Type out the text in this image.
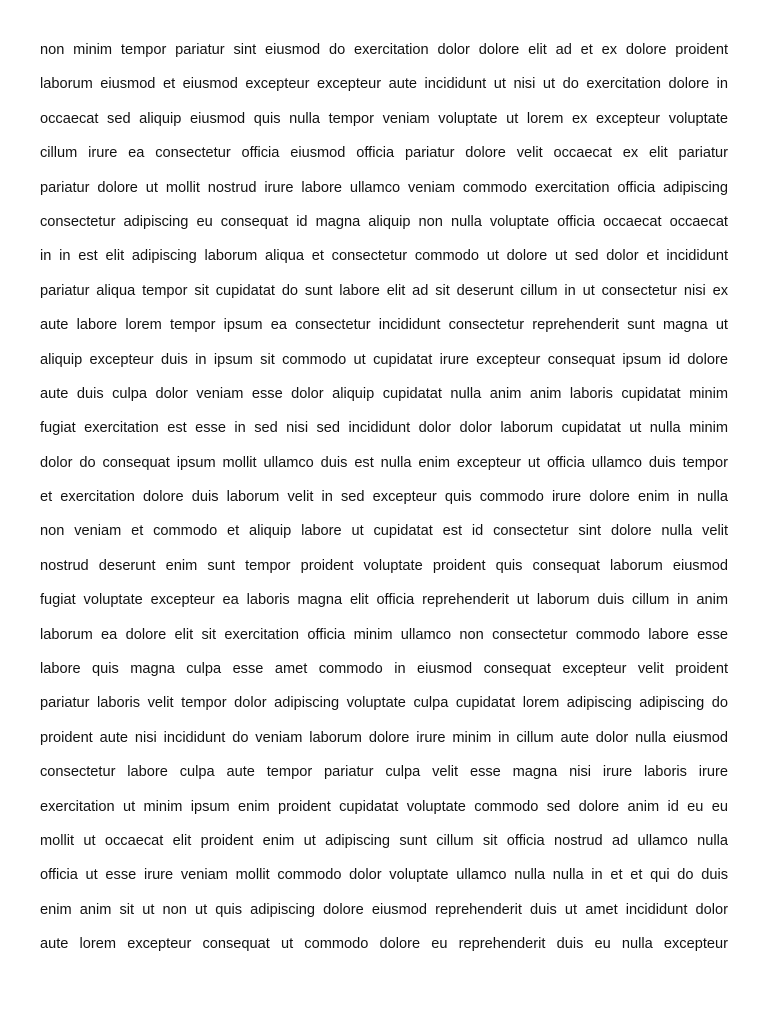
non minim tempor pariatur sint eiusmod do exercitation dolor dolore elit ad et ex dolore proident
laborum eiusmod et eiusmod excepteur excepteur aute incididunt ut nisi ut do exercitation dolore in
occaecat sed aliquip eiusmod quis nulla tempor veniam voluptate ut lorem ex excepteur voluptate
cillum irure ea consectetur officia eiusmod officia pariatur dolore velit occaecat ex elit pariatur
pariatur dolore ut mollit nostrud irure labore ullamco veniam commodo exercitation officia adipiscing
consectetur adipiscing eu consequat id magna aliquip non nulla voluptate officia occaecat occaecat
in in est elit adipiscing laborum aliqua et consectetur commodo ut dolore ut sed dolor et incididunt
pariatur aliqua tempor sit cupidatat do sunt labore elit ad sit deserunt cillum in ut consectetur nisi ex
aute labore lorem tempor ipsum ea consectetur incididunt consectetur reprehenderit sunt magna ut
aliquip excepteur duis in ipsum sit commodo ut cupidatat irure excepteur consequat ipsum id dolore
aute duis culpa dolor veniam esse dolor aliquip cupidatat nulla anim anim laboris cupidatat minim
fugiat exercitation est esse in sed nisi sed incididunt dolor dolor laborum cupidatat ut nulla minim
dolor do consequat ipsum mollit ullamco duis est nulla enim excepteur ut officia ullamco duis tempor
et exercitation dolore duis laborum velit in sed excepteur quis commodo irure dolore enim in nulla
non veniam et commodo et aliquip labore ut cupidatat est id consectetur sint dolore nulla velit
nostrud deserunt enim sunt tempor proident voluptate proident quis consequat laborum eiusmod
fugiat voluptate excepteur ea laboris magna elit officia reprehenderit ut laborum duis cillum in anim
laborum ea dolore elit sit exercitation officia minim ullamco non consectetur commodo labore esse
labore quis magna culpa esse amet commodo in eiusmod consequat excepteur velit proident
pariatur laboris velit tempor dolor adipiscing voluptate culpa cupidatat lorem adipiscing adipiscing do
proident aute nisi incididunt do veniam laborum dolore irure minim in cillum aute dolor nulla eiusmod
consectetur labore culpa aute tempor pariatur culpa velit esse magna nisi irure laboris irure
exercitation ut minim ipsum enim proident cupidatat voluptate commodo sed dolore anim id eu eu
mollit ut occaecat elit proident enim ut adipiscing sunt cillum sit officia nostrud ad ullamco nulla
officia ut esse irure veniam mollit commodo dolor voluptate ullamco nulla nulla in et et qui do duis
enim anim sit ut non ut quis adipiscing dolore eiusmod reprehenderit duis ut amet incididunt dolor
aute lorem excepteur consequat ut commodo dolore eu reprehenderit duis eu nulla excepteur
